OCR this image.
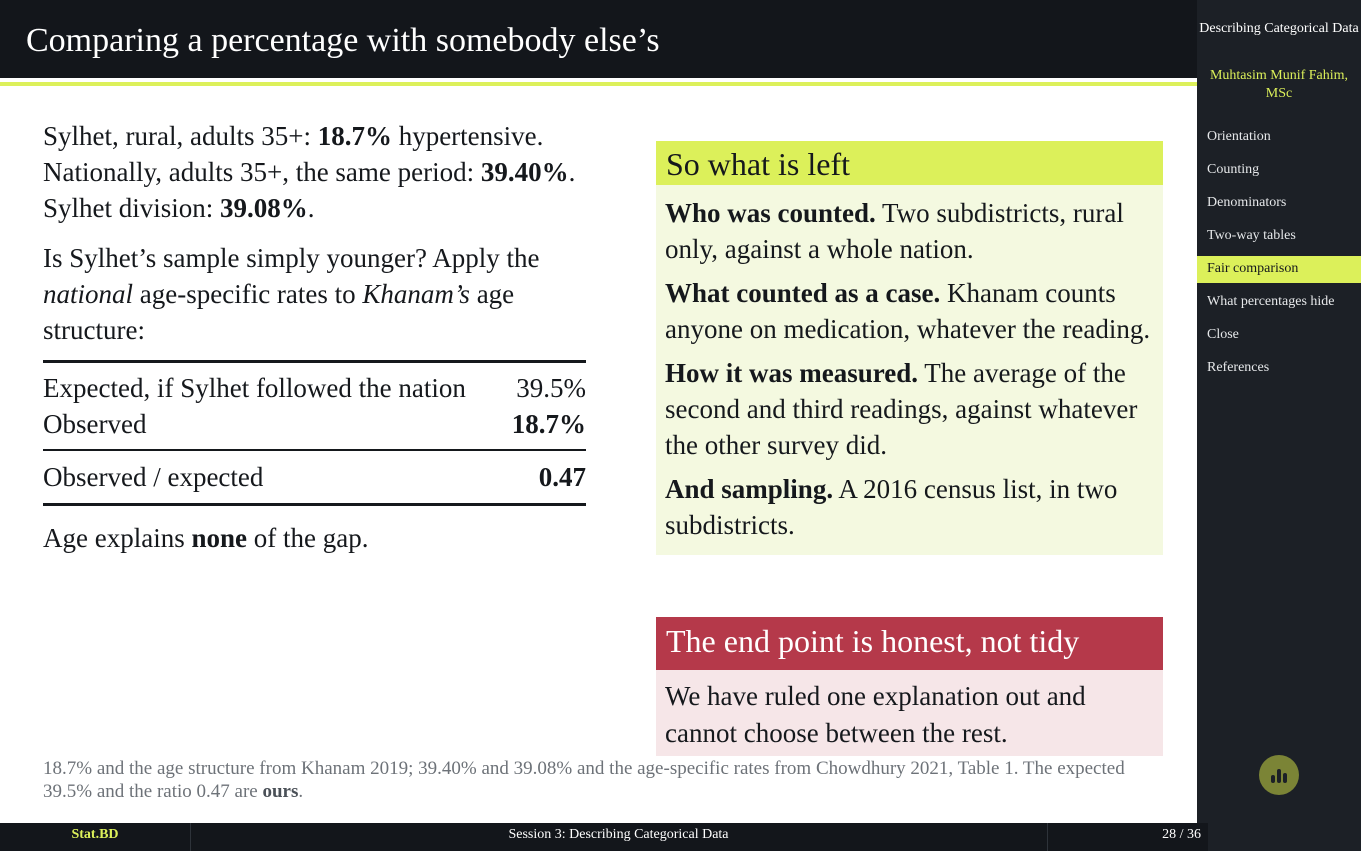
Comparing a percentage with somebody else’s

Sylhet, rural, adults 35+: 18.7% hypertensive.
Nationally, adults 35+, the same period: 39.40%.
Sylhet division: 39.08%.

Is Sylhet’s sample simply younger? Apply the national age-specific rates to Khanam’s age structure:

Expected, if Sylhet followed the nation	39.5%
Observed	18.7%
Observed / expected	0.47

Age explains none of the gap.

So what is left

Who was counted. Two subdistricts, rural only, against a whole nation.

What counted as a case. Khanam counts anyone on medication, whatever the reading.

How it was measured. The average of the second and third readings, against whatever the other survey did.

And sampling. A 2016 census list, in two subdistricts.

The end point is honest, not tidy

We have ruled one explanation out and cannot choose between the rest.

18.7% and the age structure from Khanam 2019; 39.40% and 39.08% and the age-specific rates from Chowdhury 2021, Table 1. The expected 39.5% and the ratio 0.47 are ours.
Describing Categorical Data
Muhtasim Munif Fahim, MSc
Orientation
Counting
Denominators
Two-way tables
Fair comparison
What percentages hide
Close
References
Stat.BD	Session 3: Describing Categorical Data	28 / 36
